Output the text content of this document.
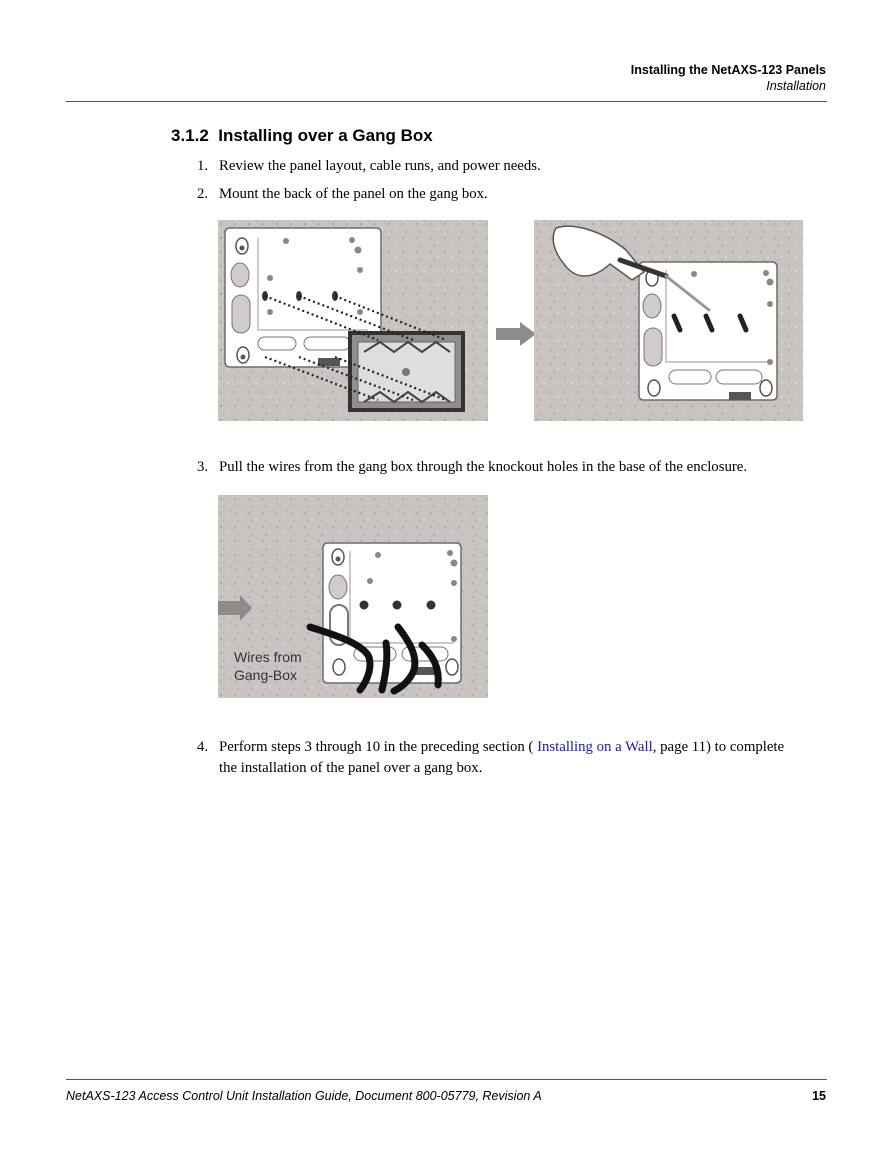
Installing the NetAXS-123 Panels
Installation
3.1.2 Installing over a Gang Box
1. Review the panel layout, cable runs, and power needs.
2. Mount the back of the panel on the gang box.
3. Pull the wires from the gang box through the knockout holes in the base of the enclosure.
Wires from
Gang-Box
4. Perform steps 3 through 10 in the preceding section ( Installing on a Wall, page 11) to complete
the installation of the panel over a gang box.
NetAXS-123 Access Control Unit Installation Guide, Document 800-05779, Revision A	15
